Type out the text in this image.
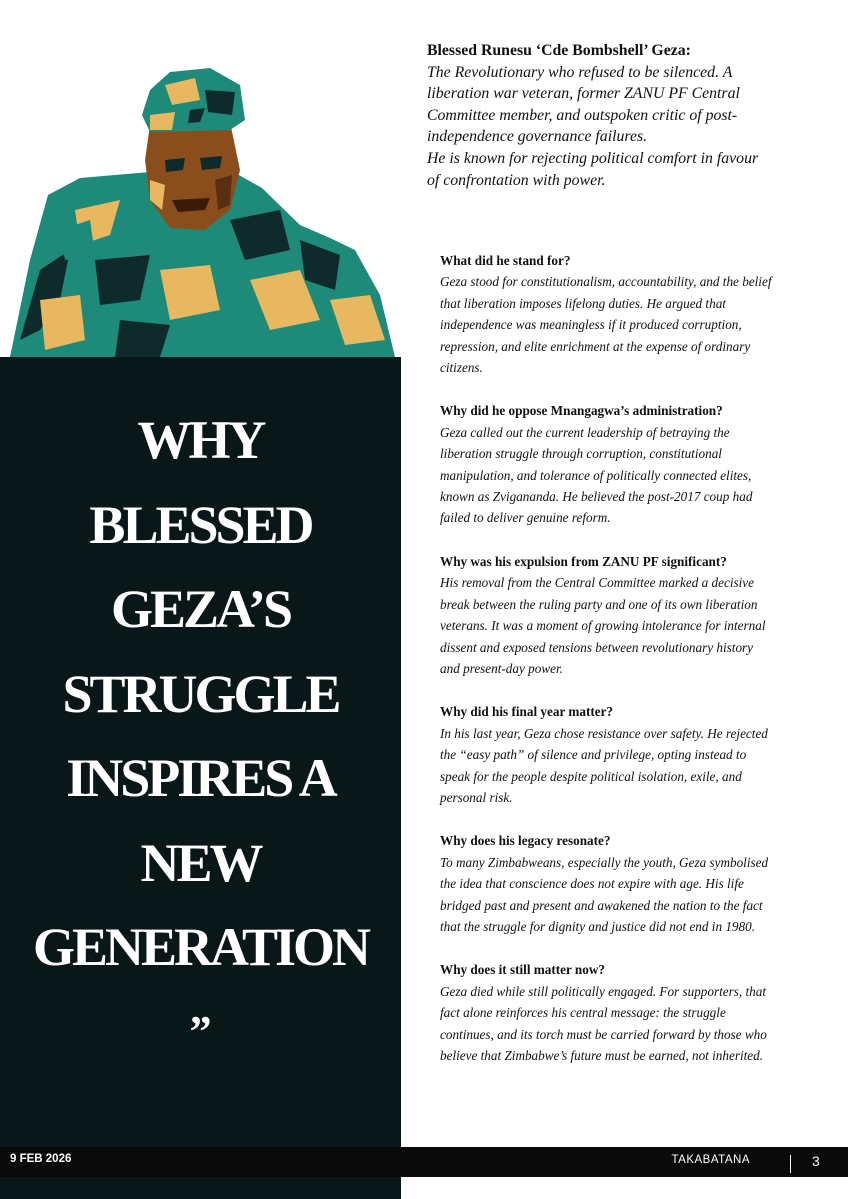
WHY
BLESSED
GEZA’S
STRUGGLE
INSPIRES A
NEW
GENERATION
”
Blessed Runesu ‘Cde Bombshell’ Geza:
The Revolutionary who refused to be silenced. A liberation war veteran, former ZANU PF Central Committee member, and outspoken critic of post-independence governance failures.
He is known for rejecting political comfort in favour of confrontation with power.
What did he stand for?
Geza stood for constitutionalism, accountability, and the belief that liberation imposes lifelong duties. He argued that independence was meaningless if it produced corruption, repression, and elite enrichment at the expense of ordinary citizens.
Why did he oppose Mnangagwa’s administration?
Geza called out the current leadership of betraying the liberation struggle through corruption, constitutional manipulation, and tolerance of politically connected elites, known as Zvigananda. He believed the post-2017 coup had failed to deliver genuine reform.
Why was his expulsion from ZANU PF significant?
His removal from the Central Committee marked a decisive break between the ruling party and one of its own liberation veterans. It was a moment of growing intolerance for internal dissent and exposed tensions between revolutionary history and present-day power.
Why did his final year matter?
In his last year, Geza chose resistance over safety. He rejected the “easy path” of silence and privilege, opting instead to speak for the people despite political isolation, exile, and personal risk.
Why does his legacy resonate?
To many Zimbabweans, especially the youth, Geza symbolised the idea that conscience does not expire with age. His life bridged past and present and awakened the nation to the fact that the struggle for dignity and justice did not end in 1980.
Why does it still matter now?
Geza died while still politically engaged. For supporters, that fact alone reinforces his central message: the struggle continues, and its torch must be carried forward by those who believe that Zimbabwe’s future must be earned, not inherited.
9 FEB 2026	TAKABATANA	3
